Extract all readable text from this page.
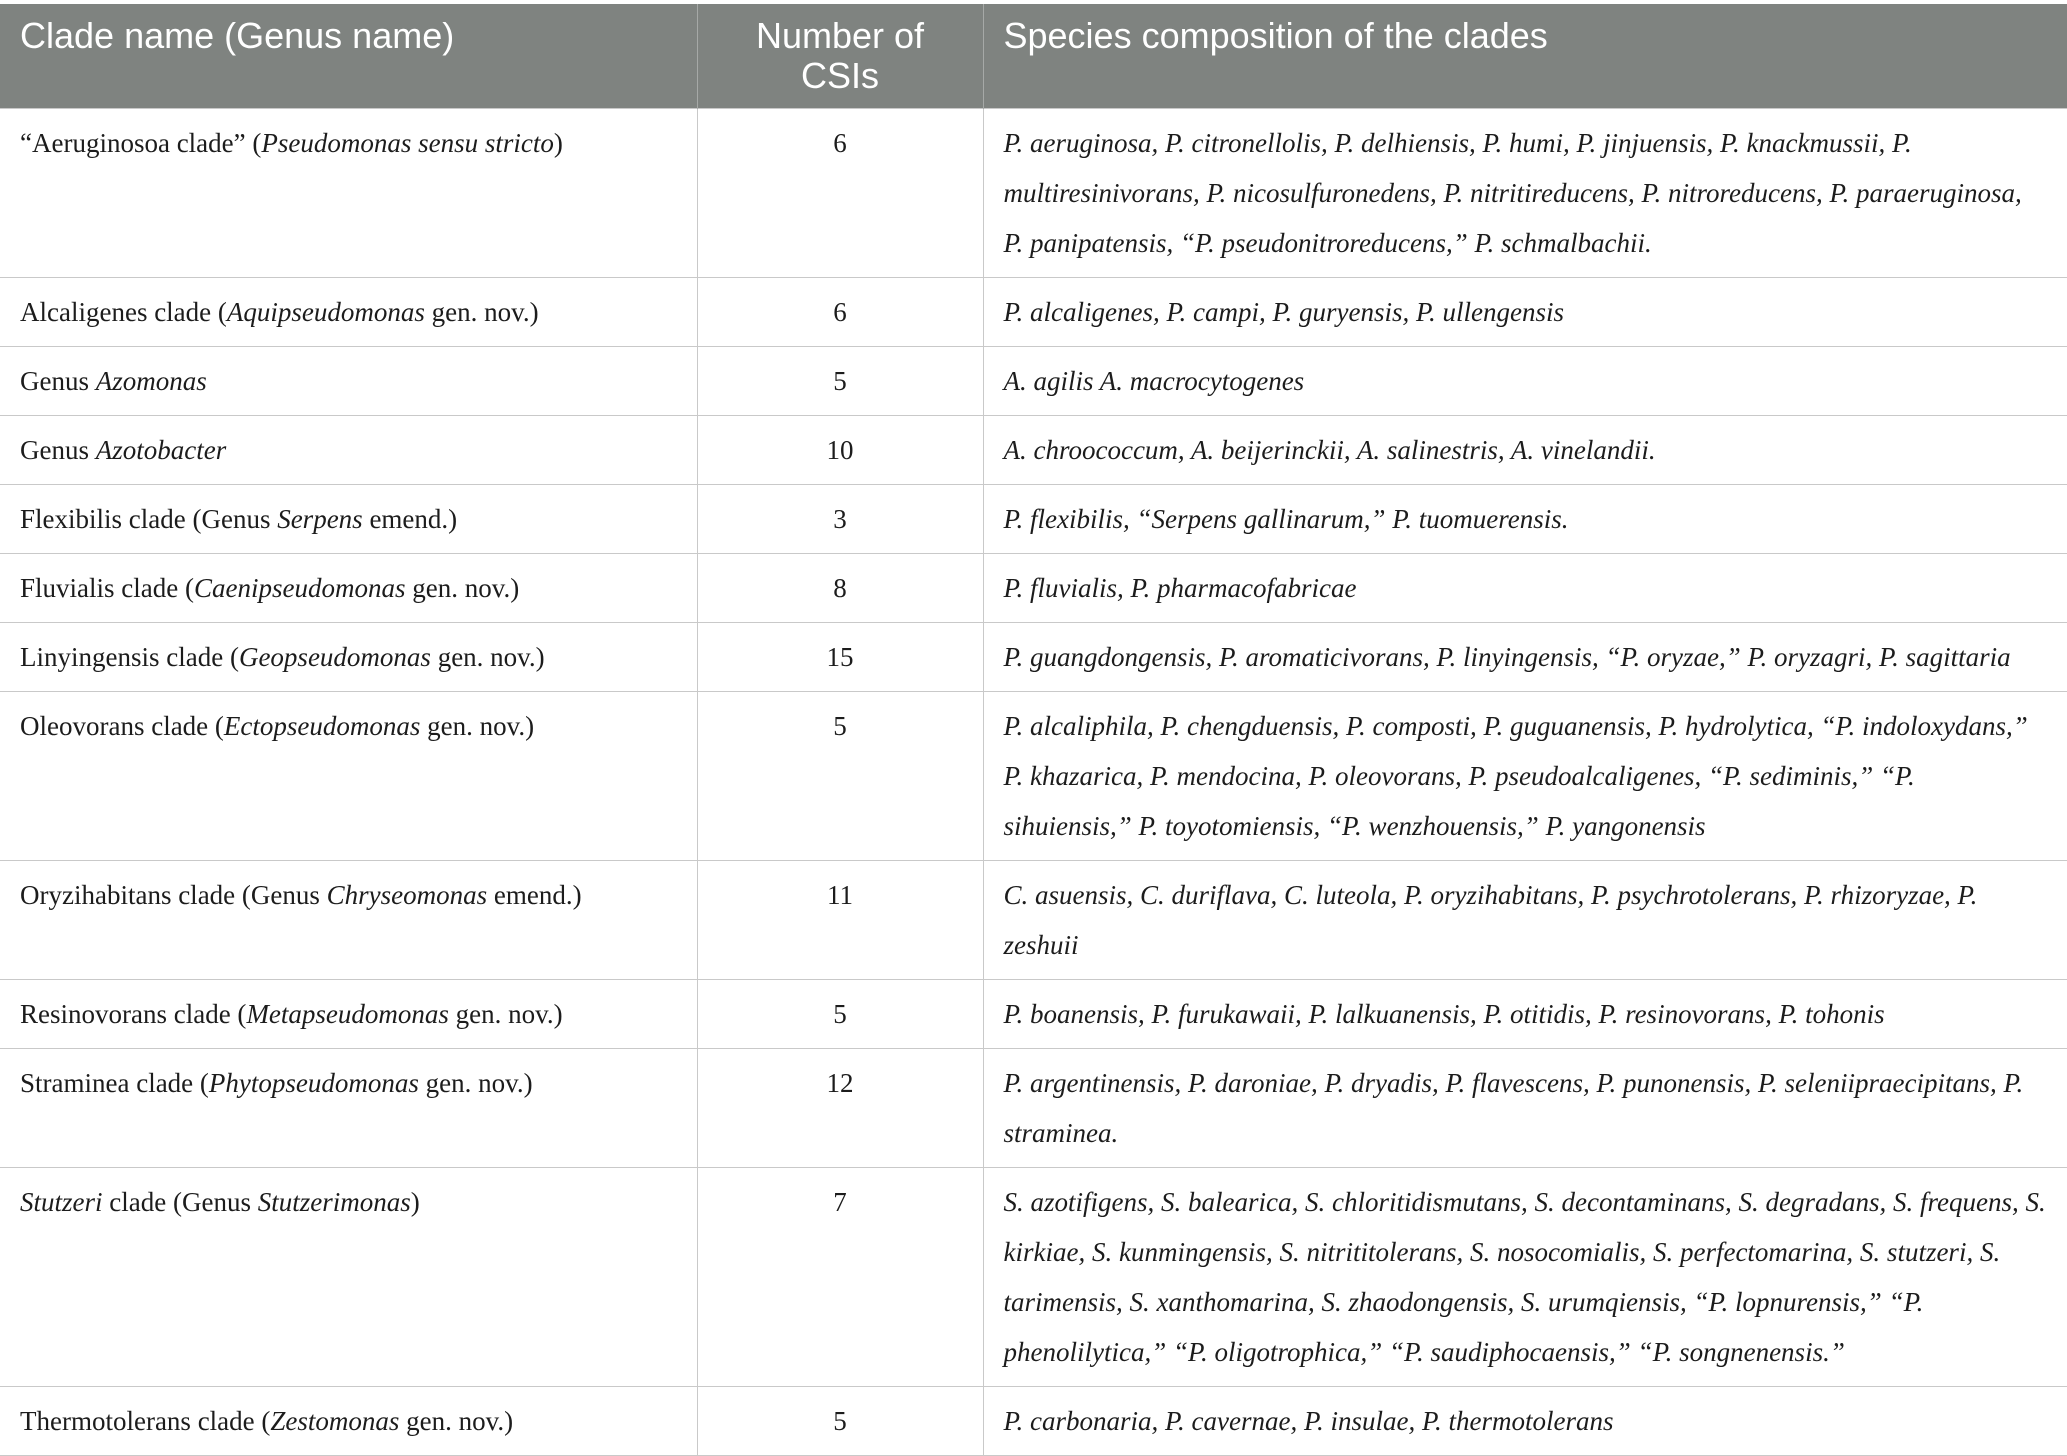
Clade name (Genus name)	Number of CSIs	Species composition of the clades
“Aeruginosoa clade” (Pseudomonas sensu stricto)	6	P. aeruginosa, P. citronellolis, P. delhiensis, P. humi, P. jinjuensis, P. knackmussii, P. multiresinivorans, P. nicosulfuronedens, P. nitritireducens, P. nitroreducens, P. paraeruginosa, P. panipatensis, “P. pseudonitroreducens,” P. schmalbachii.
Alcaligenes clade (Aquipseudomonas gen. nov.)	6	P. alcaligenes, P. campi, P. guryensis, P. ullengensis
Genus Azomonas	5	A. agilis A. macrocytogenes
Genus Azotobacter	10	A. chroococcum, A. beijerinckii, A. salinestris, A. vinelandii.
Flexibilis clade (Genus Serpens emend.)	3	P. flexibilis, “Serpens gallinarum,” P. tuomuerensis.
Fluvialis clade (Caenipseudomonas gen. nov.)	8	P. fluvialis, P. pharmacofabricae
Linyingensis clade (Geopseudomonas gen. nov.)	15	P. guangdongensis, P. aromaticivorans, P. linyingensis, “P. oryzae,” P. oryzagri, P. sagittaria
Oleovorans clade (Ectopseudomonas gen. nov.)	5	P. alcaliphila, P. chengduensis, P. composti, P. guguanensis, P. hydrolytica, “P. indoloxydans,” P. khazarica, P. mendocina, P. oleovorans, P. pseudoalcaligenes, “P. sediminis,” “P. sihuiensis,” P. toyotomiensis, “P. wenzhouensis,” P. yangonensis
Oryzihabitans clade (Genus Chryseomonas emend.)	11	C. asuensis, C. duriflava, C. luteola, P. oryzihabitans, P. psychrotolerans, P. rhizoryzae, P. zeshuii
Resinovorans clade (Metapseudomonas gen. nov.)	5	P. boanensis, P. furukawaii, P. lalkuanensis, P. otitidis, P. resinovorans, P. tohonis
Straminea clade (Phytopseudomonas gen. nov.)	12	P. argentinensis, P. daroniae, P. dryadis, P. flavescens, P. punonensis, P. seleniipraecipitans, P. straminea.
Stutzeri clade (Genus Stutzerimonas)	7	S. azotifigens, S. balearica, S. chloritidismutans, S. decontaminans, S. degradans, S. frequens, S. kirkiae, S. kunmingensis, S. nitrititolerans, S. nosocomialis, S. perfectomarina, S. stutzeri, S. tarimensis, S. xanthomarina, S. zhaodongensis, S. urumqiensis, “P. lopnurensis,” “P. phenolilytica,” “P. oligotrophica,” “P. saudiphocaensis,” “P. songnenensis.”
Thermotolerans clade (Zestomonas gen. nov.)	5	P. carbonaria, P. cavernae, P. insulae, P. thermotolerans
